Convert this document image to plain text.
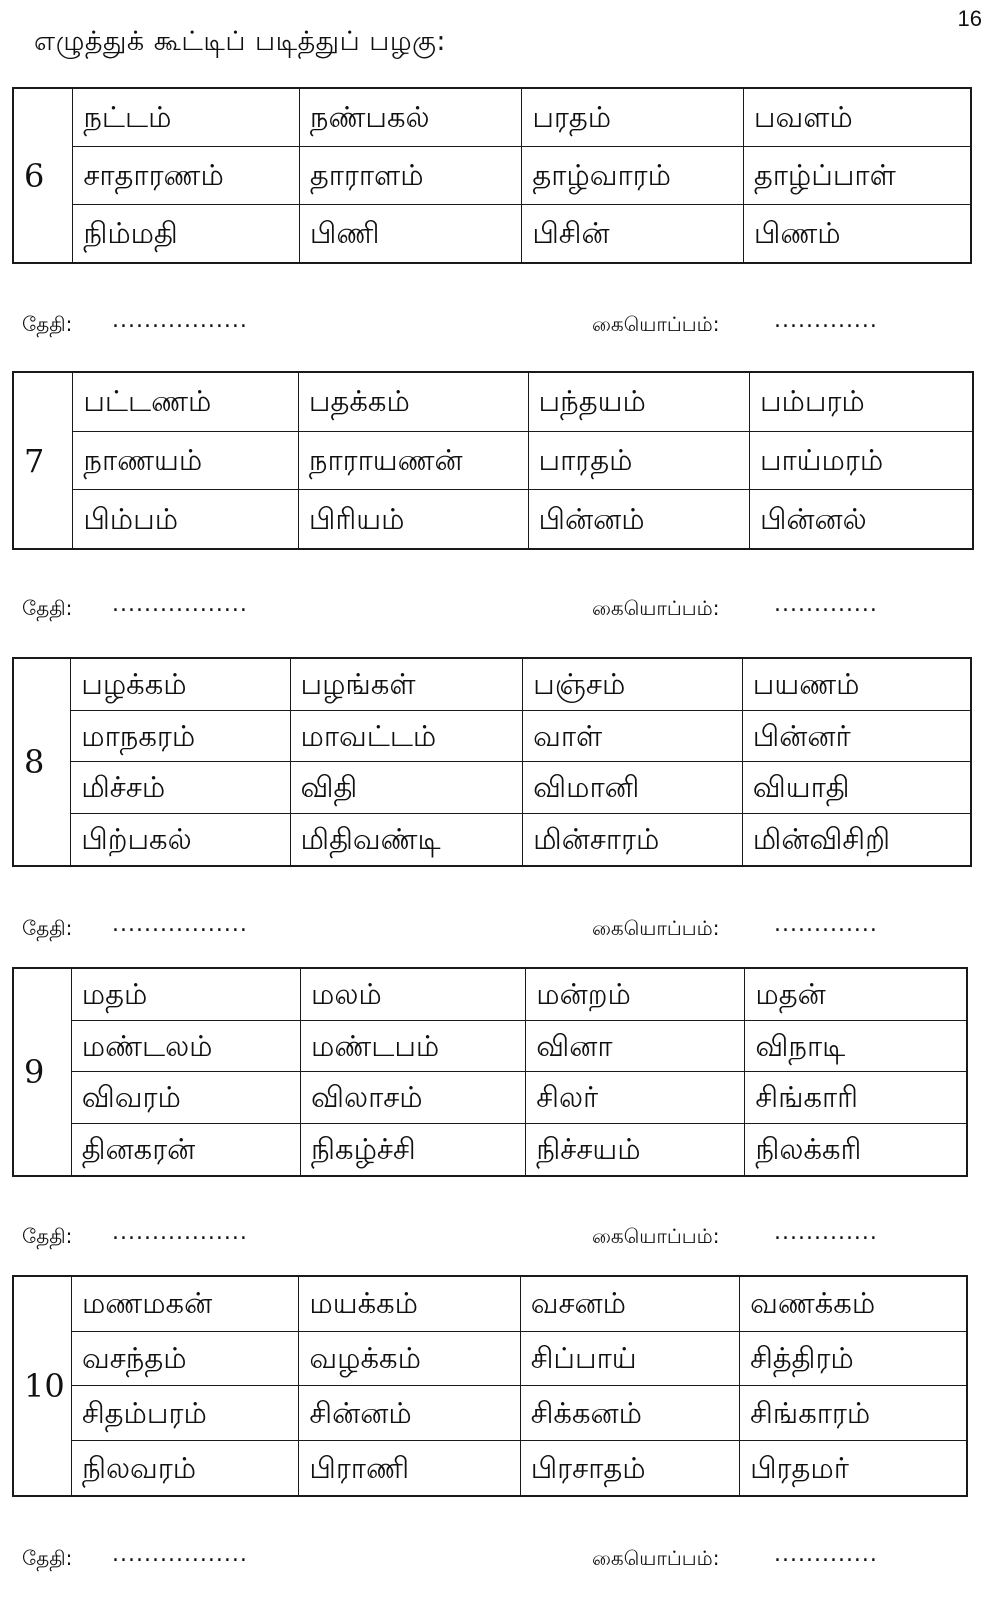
16
எழுத்துக் கூட்டிப் படித்துப் பழகு:
6	நட்டம்	நண்பகல்	பரதம்	பவளம்
	சாதாரணம்	தாராளம்	தாழ்வாரம்	தாழ்ப்பாள்
	நிம்மதி	பிணி	பிசின்	பிணம்
தேதி: .................	கையொப்பம்: .............
7	பட்டணம்	பதக்கம்	பந்தயம்	பம்பரம்
	நாணயம்	நாராயணன்	பாரதம்	பாய்மரம்
	பிம்பம்	பிரியம்	பின்னம்	பின்னல்
தேதி: .................	கையொப்பம்: .............
8	பழக்கம்	பழங்கள்	பஞ்சம்	பயணம்
	மாநகரம்	மாவட்டம்	வாள்	பின்னர்
	மிச்சம்	விதி	விமானி	வியாதி
	பிற்பகல்	மிதிவண்டி	மின்சாரம்	மின்விசிறி
தேதி: .................	கையொப்பம்: .............
9	மதம்	மலம்	மன்றம்	மதன்
	மண்டலம்	மண்டபம்	வினா	விநாடி
	விவரம்	விலாசம்	சிலர்	சிங்காரி
	தினகரன்	நிகழ்ச்சி	நிச்சயம்	நிலக்கரி
தேதி: .................	கையொப்பம்: .............
10	மணமகன்	மயக்கம்	வசனம்	வணக்கம்
	வசந்தம்	வழக்கம்	சிப்பாய்	சித்திரம்
	சிதம்பரம்	சின்னம்	சிக்கனம்	சிங்காரம்
	நிலவரம்	பிராணி	பிரசாதம்	பிரதமர்
தேதி: .................	கையொப்பம்: .............
